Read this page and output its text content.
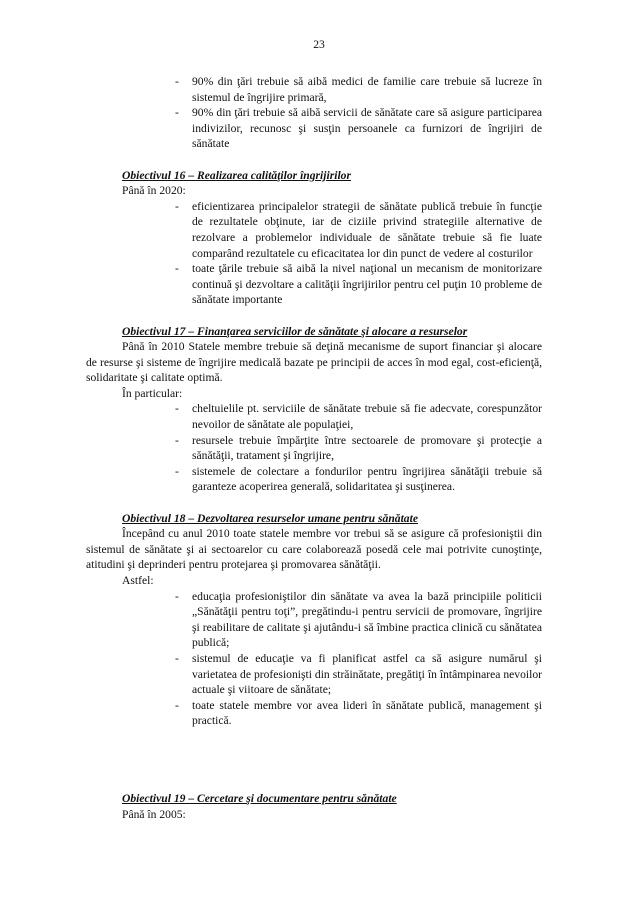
23
- 90% din ţări trebuie să aibă medici de familie care trebuie să lucreze în sistemul de îngrijire primară,
- 90% din ţări trebuie să aibă servicii de sănătate care să asigure participarea indivizilor, recunosc şi susţin persoanele ca furnizori de îngrijiri de sănătate
Obiectivul 16 – Realizarea calităţilor îngrijirilor
Până în 2020:
- eficientizarea principalelor strategii de sănătate publică trebuie în funcţie de rezultatele obţinute, iar de ciziile privind strategiile alternative de rezolvare a problemelor individuale de sănătate trebuie să fie luate comparând rezultatele cu eficacitatea lor din punct de vedere al costurilor
- toate ţările trebuie să aibă la nivel naţional un mecanism de monitorizare continuă şi dezvoltare a calităţii îngrijirilor pentru cel puţin 10 probleme de sănătate importante
Obiectivul 17 – Finanţarea serviciilor de sănătate şi alocare a resurselor
Până în 2010 Statele membre trebuie să deţină mecanisme de suport financiar şi alocare de resurse şi sisteme de îngrijire medicală bazate pe principii de acces în mod egal, cost-eficienţă, solidaritate şi calitate optimă.
În particular:
- cheltuielile pt. serviciile de sănătate trebuie să fie adecvate, corespunzător nevoilor de sănătate ale populaţiei,
- resursele trebuie împărţite între sectoarele de promovare şi protecţie a sănătăţii, tratament şi îngrijire,
- sistemele de colectare a fondurilor pentru îngrijirea sănătăţii trebuie să garanteze acoperirea generală, solidaritatea şi susţinerea.
Obiectivul 18 – Dezvoltarea resurselor umane pentru sănătate
Începând cu anul 2010 toate statele membre vor trebui să se asigure că profesioniştii din sistemul de sănătate şi ai sectoarelor cu care colaborează posedă cele mai potrivite cunoştinţe, atitudini şi deprinderi pentru protejarea şi promovarea sănătăţii.
Astfel:
- educaţia profesioniştilor din sănătate va avea la bază principiile politicii „Sănătăţii pentru toţi”, pregătindu-i pentru servicii de promovare, îngrijire şi reabilitare de calitate şi ajutându-i să îmbine practica clinică cu sănătatea publică;
- sistemul de educaţie va fi planificat astfel ca să asigure numărul şi varietatea de profesionişti din străinătate, pregătiţi în întâmpinarea nevoilor actuale şi viitoare de sănătate;
- toate statele membre vor avea lideri în sănătate publică, management şi practică.
Obiectivul 19 – Cercetare şi documentare pentru sănătate
Până în 2005:
